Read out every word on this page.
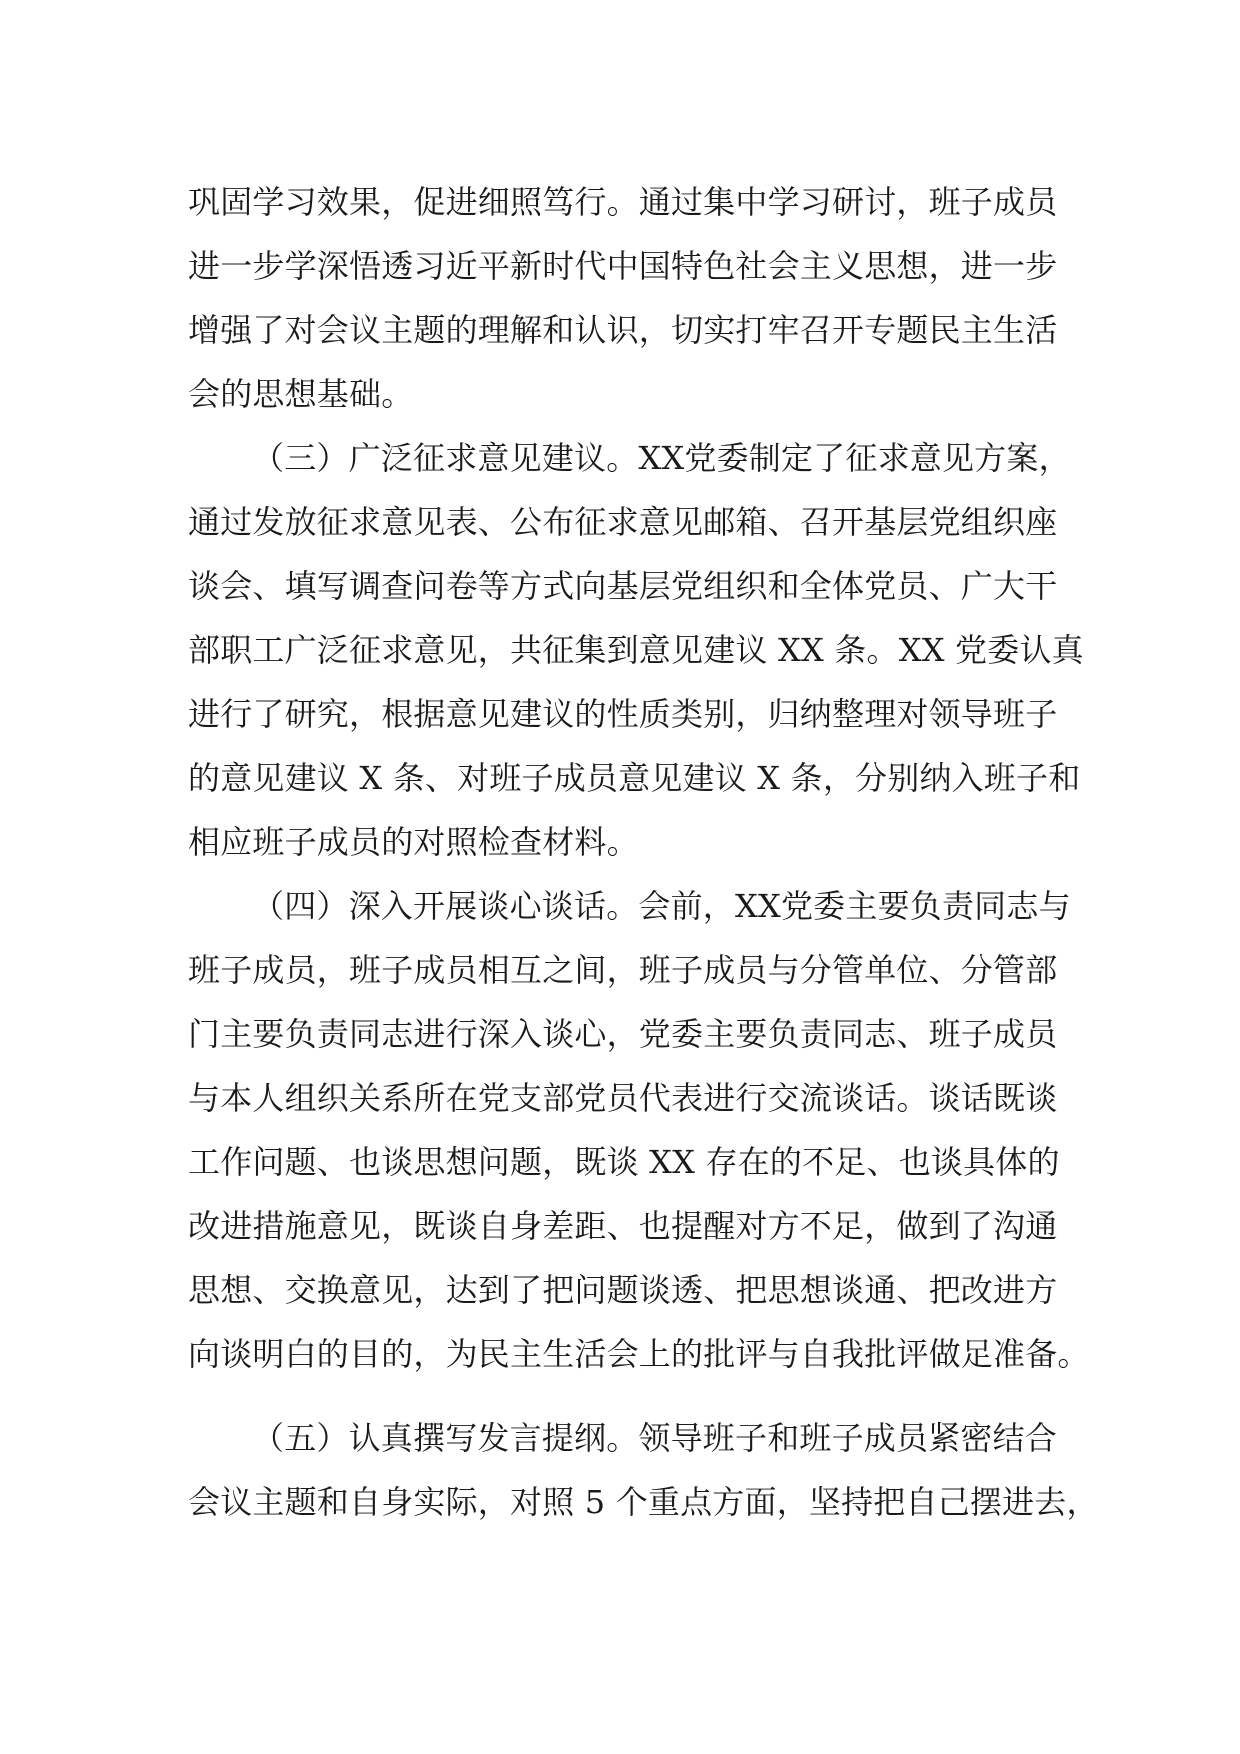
巩固学习效果，促进细照笃行。通过集中学习研讨，班子成员
进一步学深悟透习近平新时代中国特色社会主义思想，进一步
增强了对会议主题的理解和认识，切实打牢召开专题民主生活
会的思想基础。
（三）广泛征求意见建议。XX党委制定了征求意见方案，
通过发放征求意见表、公布征求意见邮箱、召开基层党组织座
谈会、填写调查问卷等方式向基层党组织和全体党员、广大干
部职工广泛征求意见，共征集到意见建议 XX 条。XX 党委认真
进行了研究，根据意见建议的性质类别，归纳整理对领导班子
的意见建议 X 条、对班子成员意见建议 X 条，分别纳入班子和
相应班子成员的对照检查材料。
（四）深入开展谈心谈话。会前，XX党委主要负责同志与
班子成员，班子成员相互之间，班子成员与分管单位、分管部
门主要负责同志进行深入谈心，党委主要负责同志、班子成员
与本人组织关系所在党支部党员代表进行交流谈话。谈话既谈
工作问题、也谈思想问题，既谈 XX 存在的不足、也谈具体的
改进措施意见，既谈自身差距、也提醒对方不足，做到了沟通
思想、交换意见，达到了把问题谈透、把思想谈通、把改进方
向谈明白的目的，为民主生活会上的批评与自我批评做足准备。
（五）认真撰写发言提纲。领导班子和班子成员紧密结合
会议主题和自身实际，对照 5 个重点方面，坚持把自己摆进去，
